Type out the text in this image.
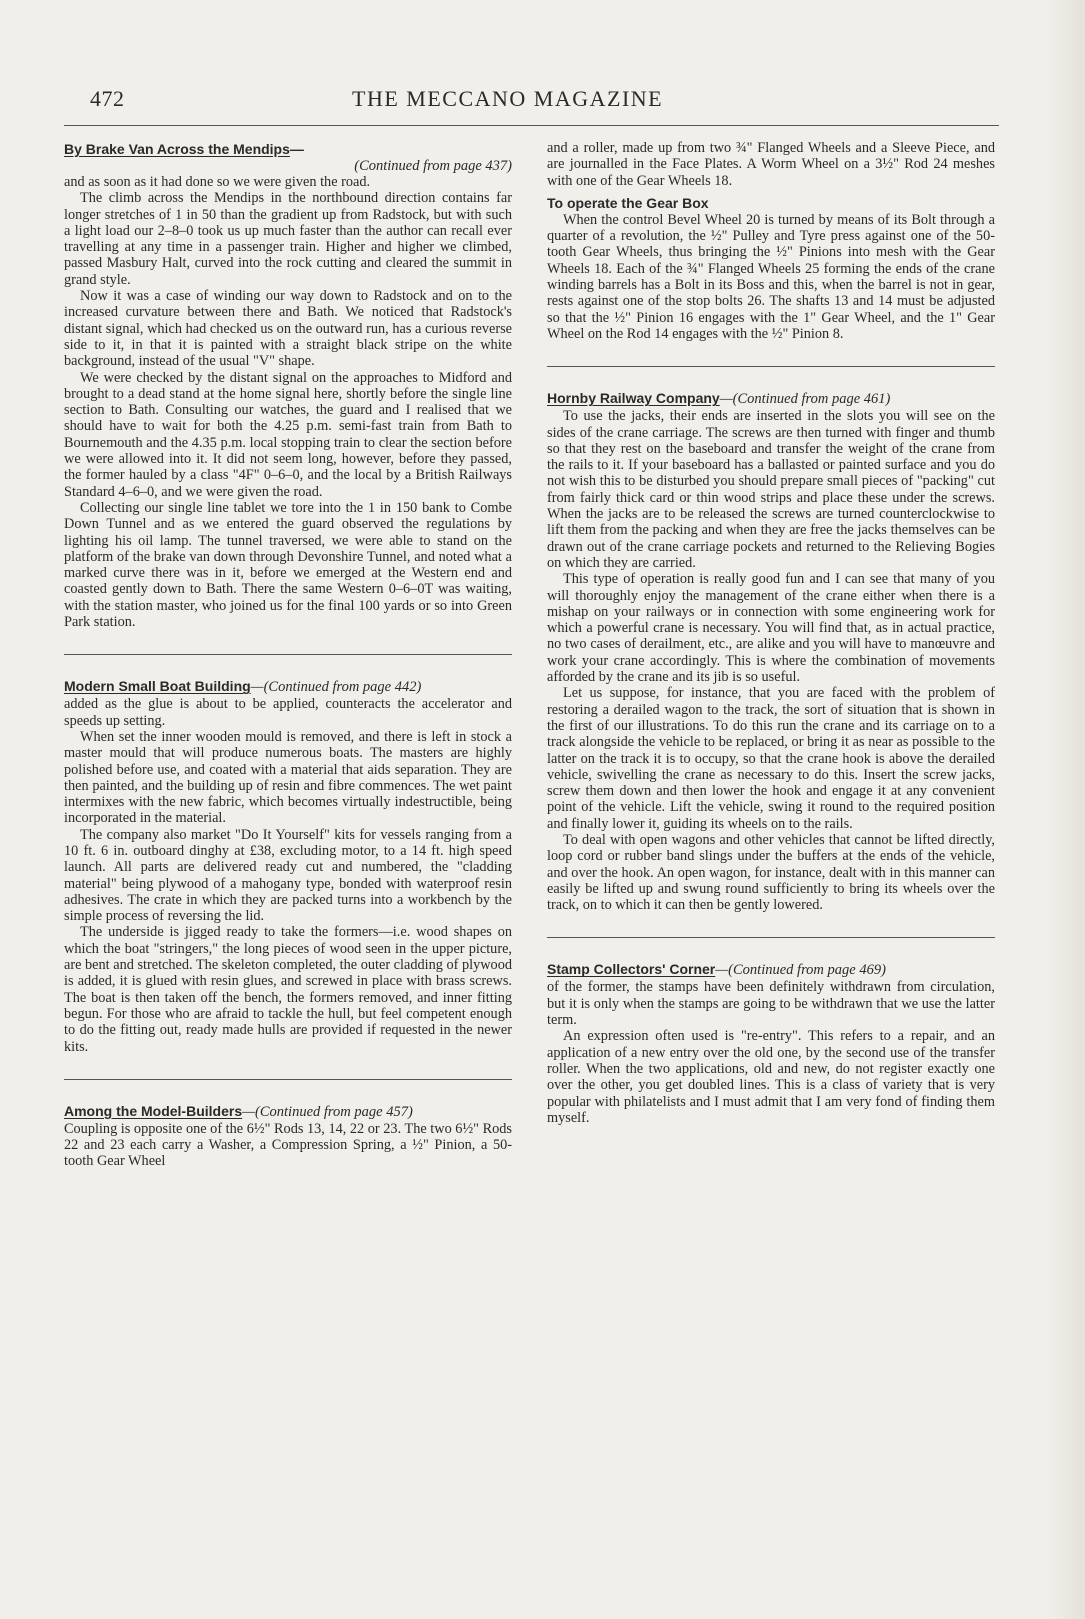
472	THE MECCANO MAGAZINE
By Brake Van Across the Mendips—
(Continued from page 437)

and as soon as it had done so we were given the road.

The climb across the Mendips in the northbound direction contains far longer stretches of 1 in 50 than the gradient up from Radstock, but with such a light load our 2–8–0 took us up much faster than the author can recall ever travelling at any time in a passenger train. Higher and higher we climbed, passed Masbury Halt, curved into the rock cutting and cleared the summit in grand style.

Now it was a case of winding our way down to Radstock and on to the increased curvature between there and Bath. We noticed that Radstock's distant signal, which had checked us on the outward run, has a curious reverse side to it, in that it is painted with a straight black stripe on the white background, instead of the usual "V" shape.

We were checked by the distant signal on the approaches to Midford and brought to a dead stand at the home signal here, shortly before the single line section to Bath. Consulting our watches, the guard and I realised that we should have to wait for both the 4.25 p.m. semi-fast train from Bath to Bournemouth and the 4.35 p.m. local stopping train to clear the section before we were allowed into it. It did not seem long, however, before they passed, the former hauled by a class "4F" 0–6–0, and the local by a British Railways Standard 4–6–0, and we were given the road.

Collecting our single line tablet we tore into the 1 in 150 bank to Combe Down Tunnel and as we entered the guard observed the regulations by lighting his oil lamp. The tunnel traversed, we were able to stand on the platform of the brake van down through Devonshire Tunnel, and noted what a marked curve there was in it, before we emerged at the Western end and coasted gently down to Bath. There the same Western 0–6–0T was waiting, with the station master, who joined us for the final 100 yards or so into Green Park station.

Modern Small Boat Building—(Continued from page 442)

added as the glue is about to be applied, counteracts the accelerator and speeds up setting.

When set the inner wooden mould is removed, and there is left in stock a master mould that will produce numerous boats. The masters are highly polished before use, and coated with a material that aids separation. They are then painted, and the building up of resin and fibre commences. The wet paint intermixes with the new fabric, which becomes virtually indestructible, being incorporated in the material.

The company also market "Do It Yourself" kits for vessels ranging from a 10 ft. 6 in. outboard dinghy at £38, excluding motor, to a 14 ft. high speed launch. All parts are delivered ready cut and numbered, the "cladding material" being plywood of a mahogany type, bonded with waterproof resin adhesives. The crate in which they are packed turns into a workbench by the simple process of reversing the lid.

The underside is jigged ready to take the formers—i.e. wood shapes on which the boat "stringers," the long pieces of wood seen in the upper picture, are bent and stretched. The skeleton completed, the outer cladding of plywood is added, it is glued with resin glues, and screwed in place with brass screws. The boat is then taken off the bench, the formers removed, and inner fitting begun. For those who are afraid to tackle the hull, but feel competent enough to do the fitting out, ready made hulls are provided if requested in the newer kits.

Among the Model-Builders—(Continued from page 457)

Coupling is opposite one of the 6½" Rods 13, 14, 22 or 23. The two 6½" Rods 22 and 23 each carry a Washer, a Compression Spring, a ½" Pinion, a 50-tooth Gear Wheel

and a roller, made up from two ¾" Flanged Wheels and a Sleeve Piece, and are journalled in the Face Plates. A Worm Wheel on a 3½" Rod 24 meshes with one of the Gear Wheels 18.

To operate the Gear Box

When the control Bevel Wheel 20 is turned by means of its Bolt through a quarter of a revolution, the ½" Pulley and Tyre press against one of the 50-tooth Gear Wheels, thus bringing the ½" Pinions into mesh with the Gear Wheels 18. Each of the ¾" Flanged Wheels 25 forming the ends of the crane winding barrels has a Bolt in its Boss and this, when the barrel is not in gear, rests against one of the stop bolts 26. The shafts 13 and 14 must be adjusted so that the ½" Pinion 16 engages with the 1" Gear Wheel, and the 1" Gear Wheel on the Rod 14 engages with the ½" Pinion 8.

Hornby Railway Company—(Continued from page 461)

To use the jacks, their ends are inserted in the slots you will see on the sides of the crane carriage. The screws are then turned with finger and thumb so that they rest on the baseboard and transfer the weight of the crane from the rails to it. If your baseboard has a ballasted or painted surface and you do not wish this to be disturbed you should prepare small pieces of "packing" cut from fairly thick card or thin wood strips and place these under the screws. When the jacks are to be released the screws are turned counterclockwise to lift them from the packing and when they are free the jacks themselves can be drawn out of the crane carriage pockets and returned to the Relieving Bogies on which they are carried.

This type of operation is really good fun and I can see that many of you will thoroughly enjoy the management of the crane either when there is a mishap on your railways or in connection with some engineering work for which a powerful crane is necessary. You will find that, as in actual practice, no two cases of derailment, etc., are alike and you will have to manœuvre and work your crane accordingly. This is where the combination of movements afforded by the crane and its jib is so useful.

Let us suppose, for instance, that you are faced with the problem of restoring a derailed wagon to the track, the sort of situation that is shown in the first of our illustrations. To do this run the crane and its carriage on to a track alongside the vehicle to be replaced, or bring it as near as possible to the latter on the track it is to occupy, so that the crane hook is above the derailed vehicle, swivelling the crane as necessary to do this. Insert the screw jacks, screw them down and then lower the hook and engage it at any convenient point of the vehicle. Lift the vehicle, swing it round to the required position and finally lower it, guiding its wheels on to the rails.

To deal with open wagons and other vehicles that cannot be lifted directly, loop cord or rubber band slings under the buffers at the ends of the vehicle, and over the hook. An open wagon, for instance, dealt with in this manner can easily be lifted up and swung round sufficiently to bring its wheels over the track, on to which it can then be gently lowered.

Stamp Collectors' Corner—(Continued from page 469)

of the former, the stamps have been definitely withdrawn from circulation, but it is only when the stamps are going to be withdrawn that we use the latter term.

An expression often used is "re-entry". This refers to a repair, and an application of a new entry over the old one, by the second use of the transfer roller. When the two applications, old and new, do not register exactly one over the other, you get doubled lines. This is a class of variety that is very popular with philatelists and I must admit that I am very fond of finding them myself.
